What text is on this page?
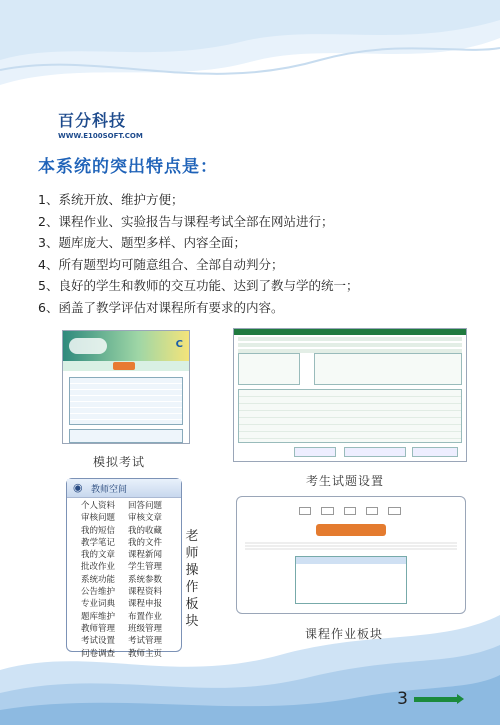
百分科技
WWW.E100SOFT.COM
本系统的突出特点是：
1、系统开放、维护方便；
2、课程作业、实验报告与课程考试全部在网站进行；
3、题库庞大、题型多样、内容全面；
4、所有题型均可随意组合、全部自动判分；
5、良好的学生和教师的交互功能、达到了教与学的统一；
6、函盖了教学评估对课程所有要求的内容。
C
模拟考试
考生试题设置
◉ 教师空间
个人资料	回答问题
审核问题	审核文章
我的短信	我的收藏
教学笔记	我的文件
我的文章	课程新闻
批改作业	学生管理
系统功能	系统参数
公告维护	课程资料
专业词典	课程申报
题库维护	布置作业
教师管理	班级管理
考试设置	考试管理
问卷调查	教师主页
老师操作板块

课程作业板块
3
